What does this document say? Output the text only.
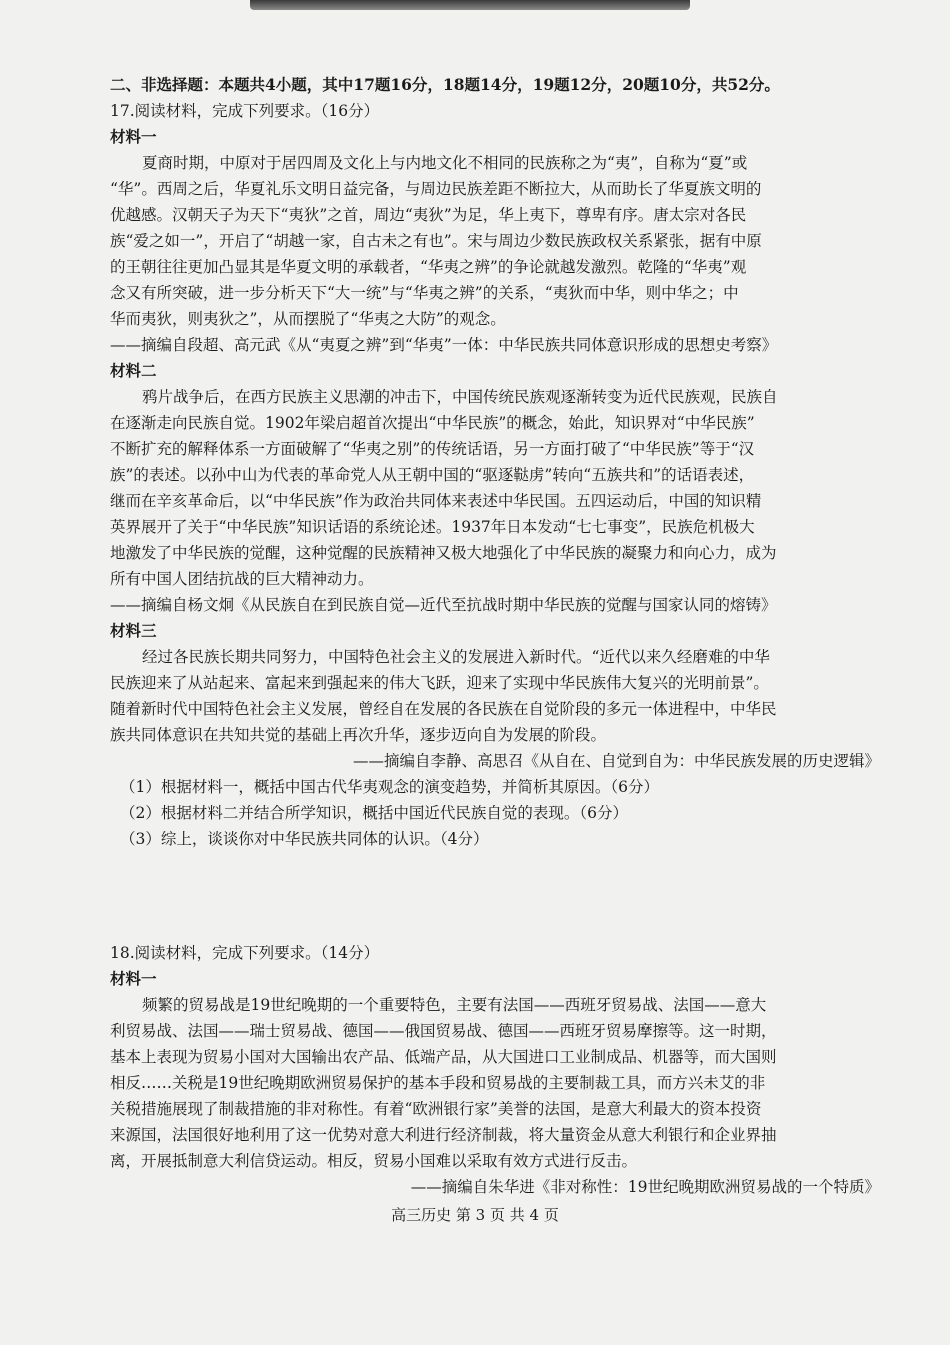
二、非选择题：本题共4小题，其中17题16分，18题14分，19题12分，20题10分，共52分。
17.阅读材料，完成下列要求。（16分）
材料一
夏商时期，中原对于居四周及文化上与内地文化不相同的民族称之为“夷”，自称为“夏”或
“华”。西周之后，华夏礼乐文明日益完备，与周边民族差距不断拉大，从而助长了华夏族文明的
优越感。汉朝天子为天下“夷狄”之首，周边“夷狄”为足，华上夷下，尊卑有序。唐太宗对各民
族“爱之如一”，开启了“胡越一家，自古未之有也”。宋与周边少数民族政权关系紧张，据有中原
的王朝往往更加凸显其是华夏文明的承载者，“华夷之辨”的争论就越发激烈。乾隆的“华夷”观
念又有所突破，进一步分析天下“大一统”与“华夷之辨”的关系，“夷狄而中华，则中华之；中
华而夷狄，则夷狄之”，从而摆脱了“华夷之大防”的观念。
——摘编自段超、高元武《从“夷夏之辨”到“华夷”一体：中华民族共同体意识形成的思想史考察》
材料二
鸦片战争后，在西方民族主义思潮的冲击下，中国传统民族观逐渐转变为近代民族观，民族自
在逐渐走向民族自觉。1902年梁启超首次提出“中华民族”的概念，始此，知识界对“中华民族”
不断扩充的解释体系一方面破解了“华夷之别”的传统话语，另一方面打破了“中华民族”等于“汉
族”的表述。以孙中山为代表的革命党人从王朝中国的“驱逐鞑虏”转向“五族共和”的话语表述，
继而在辛亥革命后，以“中华民族”作为政治共同体来表述中华民国。五四运动后，中国的知识精
英界展开了关于“中华民族”知识话语的系统论述。1937年日本发动“七七事变”，民族危机极大
地激发了中华民族的觉醒，这种觉醒的民族精神又极大地强化了中华民族的凝聚力和向心力，成为
所有中国人团结抗战的巨大精神动力。
——摘编自杨文炯《从民族自在到民族自觉—近代至抗战时期中华民族的觉醒与国家认同的熔铸》
材料三
经过各民族长期共同努力，中国特色社会主义的发展进入新时代。“近代以来久经磨难的中华
民族迎来了从站起来、富起来到强起来的伟大飞跃，迎来了实现中华民族伟大复兴的光明前景”。
随着新时代中国特色社会主义发展，曾经自在发展的各民族在自觉阶段的多元一体进程中，中华民
族共同体意识在共知共觉的基础上再次升华，逐步迈向自为发展的阶段。
——摘编自李静、高思召《从自在、自觉到自为：中华民族发展的历史逻辑》
（1）根据材料一，概括中国古代华夷观念的演变趋势，并简析其原因。（6分）
（2）根据材料二并结合所学知识，概括中国近代民族自觉的表现。（6分）
（3）综上，谈谈你对中华民族共同体的认识。（4分）
18.阅读材料，完成下列要求。（14分）
材料一
频繁的贸易战是19世纪晚期的一个重要特色，主要有法国——西班牙贸易战、法国——意大
利贸易战、法国——瑞士贸易战、德国——俄国贸易战、德国——西班牙贸易摩擦等。这一时期，
基本上表现为贸易小国对大国输出农产品、低端产品，从大国进口工业制成品、机器等，而大国则
相反……关税是19世纪晚期欧洲贸易保护的基本手段和贸易战的主要制裁工具，而方兴未艾的非
关税措施展现了制裁措施的非对称性。有着“欧洲银行家”美誉的法国，是意大利最大的资本投资
来源国，法国很好地利用了这一优势对意大利进行经济制裁，将大量资金从意大利银行和企业界抽
离，开展抵制意大利信贷运动。相反，贸易小国难以采取有效方式进行反击。
——摘编自朱华进《非对称性：19世纪晚期欧洲贸易战的一个特质》
高三历史 第 3 页 共 4 页
